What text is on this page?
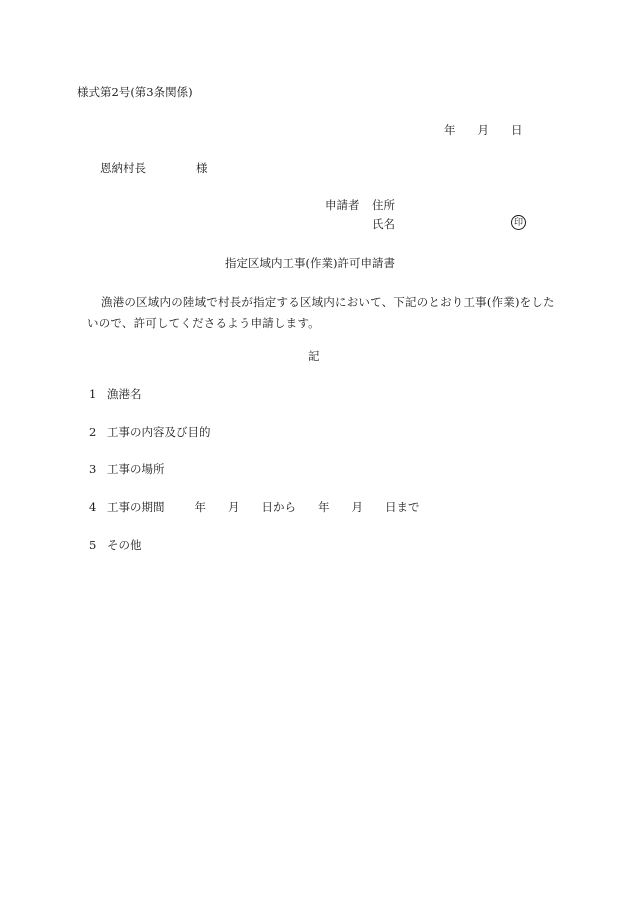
様式第2号(第3条関係)
年 月 日
恩納村長	様
申請者 住所
氏名	印
指定区域内工事(作業)許可申請書
漁港の区域内の陸域で村長が指定する区域内において、下記のとおり工事(作業)をしたいので、許可してくださるよう申請します。
記
1 漁港名
2 工事の内容及び目的
3 工事の場所
4 工事の期間	年 月 日から 年 月 日まで
5 その他
